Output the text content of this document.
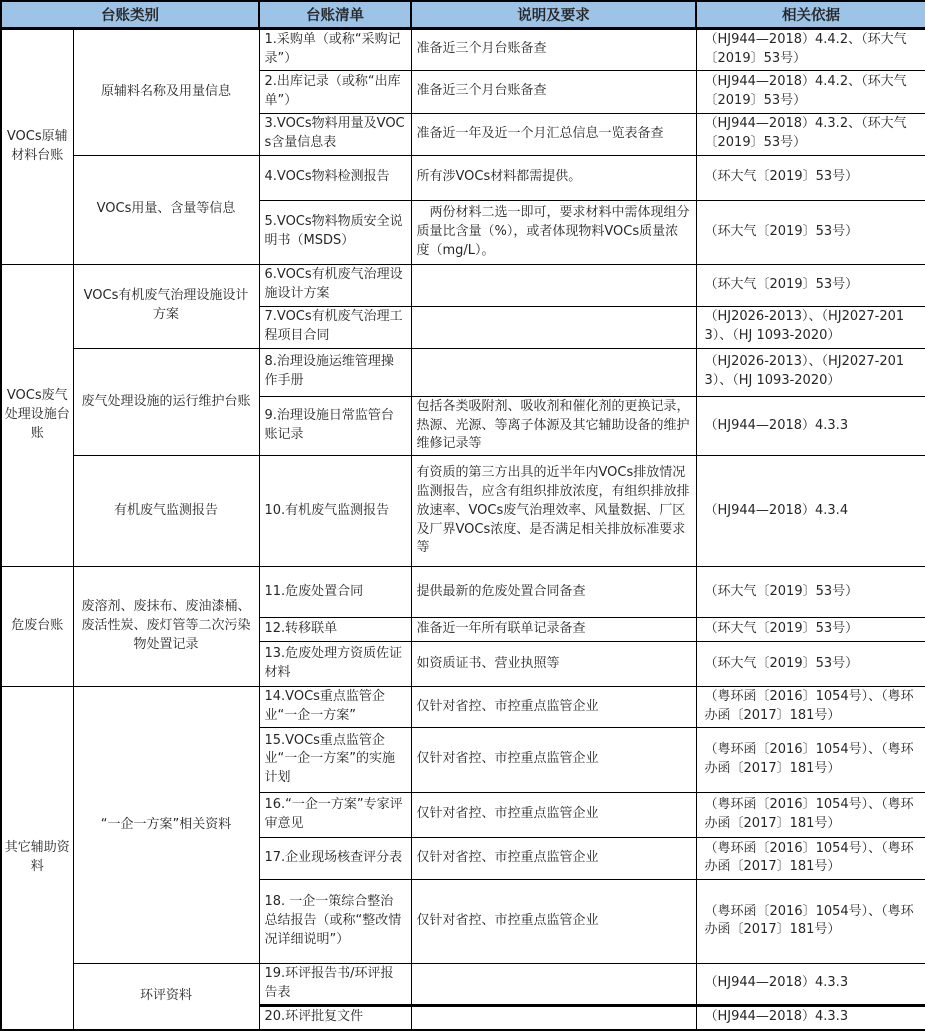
台账类别		台账清单	说明及要求	相关依据
VOCs原辅材料台账	原辅料名称及用量信息	1.采购单（或称“采购记录”）	准备近三个月台账备查	（HJ944—2018）4.4.2、（环大气〔2019〕53号）
		2.出库记录（或称“出库单”）	准备近三个月台账备查	（HJ944—2018）4.4.2、（环大气〔2019〕53号）
		3.VOCs物料用量及VOCs含量信息表	准备近一年及近一个月汇总信息一览表备查	（HJ944—2018）4.3.2、（环大气〔2019〕53号）
	VOCs用量、含量等信息	4.VOCs物料检测报告	所有涉VOCs材料都需提供。	（环大气〔2019〕53号）
		5.VOCs物料物质安全说明书（MSDS）	　两份材料二选一即可，要求材料中需体现组分质量比含量（%），或者体现物料VOCs质量浓度（mg/L）。	（环大气〔2019〕53号）
VOCs废气处理设施台账	VOCs有机废气治理设施设计方案	6.VOCs有机废气治理设施设计方案		（环大气〔2019〕53号）
		7.VOCs有机废气治理工程项目合同		（HJ2026-2013）、（HJ2027-2013）、（HJ 1093-2020）
	废气处理设施的运行维护台账	8.治理设施运维管理操作手册		（HJ2026-2013）、（HJ2027-2013）、（HJ 1093-2020）
		9.治理设施日常监管台账记录	包括各类吸附剂、吸收剂和催化剂的更换记录，热源、光源、等离子体源及其它辅助设备的维护维修记录等	（HJ944—2018）4.3.3
	有机废气监测报告	10.有机废气监测报告	有资质的第三方出具的近半年内VOCs排放情况监测报告，应含有组织排放浓度，有组织排放排放速率、VOCs废气治理效率、风量数据、厂区及厂界VOCs浓度、是否满足相关排放标准要求等	（HJ944—2018）4.3.4
危废台账	废溶剂、废抹布、废油漆桶、废活性炭、废灯管等二次污染物处置记录	11.危废处置合同	提供最新的危废处置合同备查	（环大气〔2019〕53号）
		12.转移联单	准备近一年所有联单记录备查	（环大气〔2019〕53号）
		13.危废处理方资质佐证材料	如资质证书、营业执照等	（环大气〔2019〕53号）
其它辅助资料	“一企一方案”相关资料	14.VOCs重点监管企业“一企一方案”	仅针对省控、市控重点监管企业	（粤环函〔2016〕1054号）、（粤环办函〔2017〕181号）
		15.VOCs重点监管企业“一企一方案”的实施计划	仅针对省控、市控重点监管企业	（粤环函〔2016〕1054号）、（粤环办函〔2017〕181号）
		16.“一企一方案”专家评审意见	仅针对省控、市控重点监管企业	（粤环函〔2016〕1054号）、（粤环办函〔2017〕181号）
		17.企业现场核查评分表	仅针对省控、市控重点监管企业	（粤环函〔2016〕1054号）、（粤环办函〔2017〕181号）
		18. 一企一策综合整治总结报告（或称“整改情况详细说明”）	仅针对省控、市控重点监管企业	（粤环函〔2016〕1054号）、（粤环办函〔2017〕181号）
	环评资料	19.环评报告书/环评报告表		（HJ944—2018）4.3.3
		20.环评批复文件		（HJ944—2018）4.3.3
